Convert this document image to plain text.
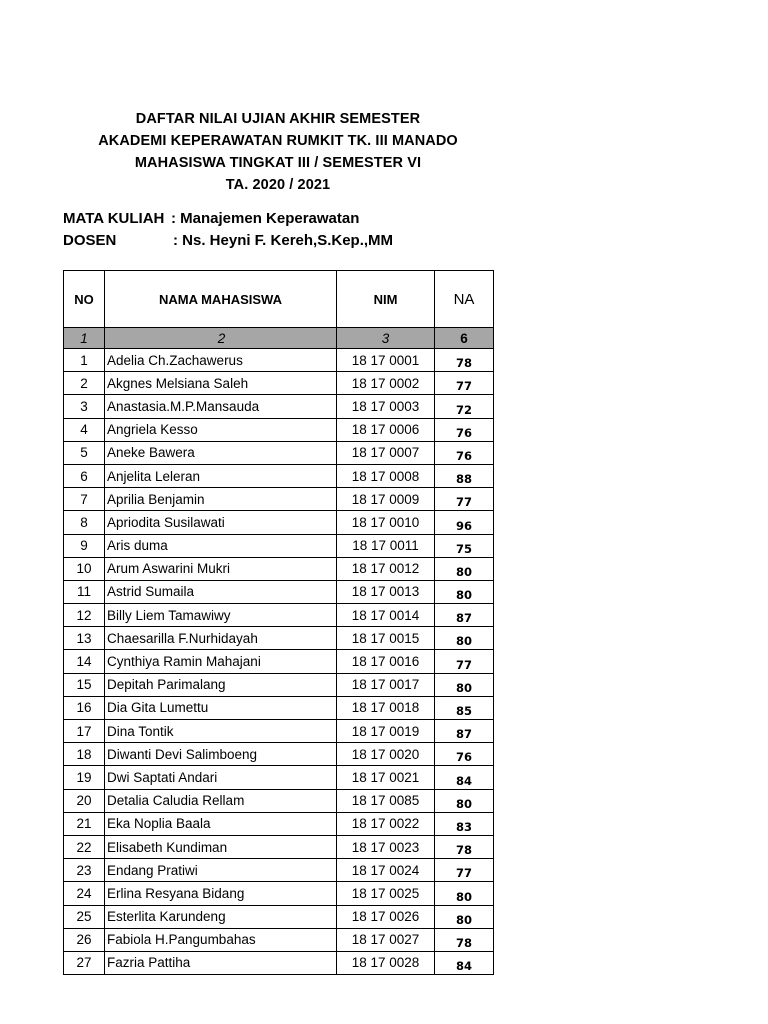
DAFTAR NILAI UJIAN AKHIR SEMESTER
AKADEMI KEPERAWATAN RUMKIT TK. III MANADO
MAHASISWA TINGKAT III / SEMESTER VI
TA. 2020 / 2021
MATA KULIAH : Manajemen Keperawatan
DOSEN	: Ns. Heyni F. Kereh,S.Kep.,MM
NO	NAMA MAHASISWA	NIM	NA
1	2	3	6
1	Adelia Ch.Zachawerus	18 17 0001	78
2	Akgnes Melsiana Saleh	18 17 0002	77
3	Anastasia.M.P.Mansauda	18 17 0003	72
4	Angriela Kesso	18 17 0006	76
5	Aneke Bawera	18 17 0007	76
6	Anjelita Leleran	18 17 0008	88
7	Aprilia Benjamin	18 17 0009	77
8	Apriodita Susilawati	18 17 0010	96
9	Aris duma	18 17 0011	75
10	Arum Aswarini Mukri	18 17 0012	80
11	Astrid Sumaila	18 17 0013	80
12	Billy Liem Tamawiwy	18 17 0014	87
13	Chaesarilla F.Nurhidayah	18 17 0015	80
14	Cynthiya Ramin Mahajani	18 17 0016	77
15	Depitah Parimalang	18 17 0017	80
16	Dia Gita Lumettu	18 17 0018	85
17	Dina Tontik	18 17 0019	87
18	Diwanti Devi Salimboeng	18 17 0020	76
19	Dwi Saptati Andari	18 17 0021	84
20	Detalia Caludia Rellam	18 17 0085	80
21	Eka Noplia Baala	18 17 0022	83
22	Elisabeth Kundiman	18 17 0023	78
23	Endang Pratiwi	18 17 0024	77
24	Erlina Resyana Bidang	18 17 0025	80
25	Esterlita Karundeng	18 17 0026	80
26	Fabiola H.Pangumbahas	18 17 0027	78
27	Fazria Pattiha	18 17 0028	84
